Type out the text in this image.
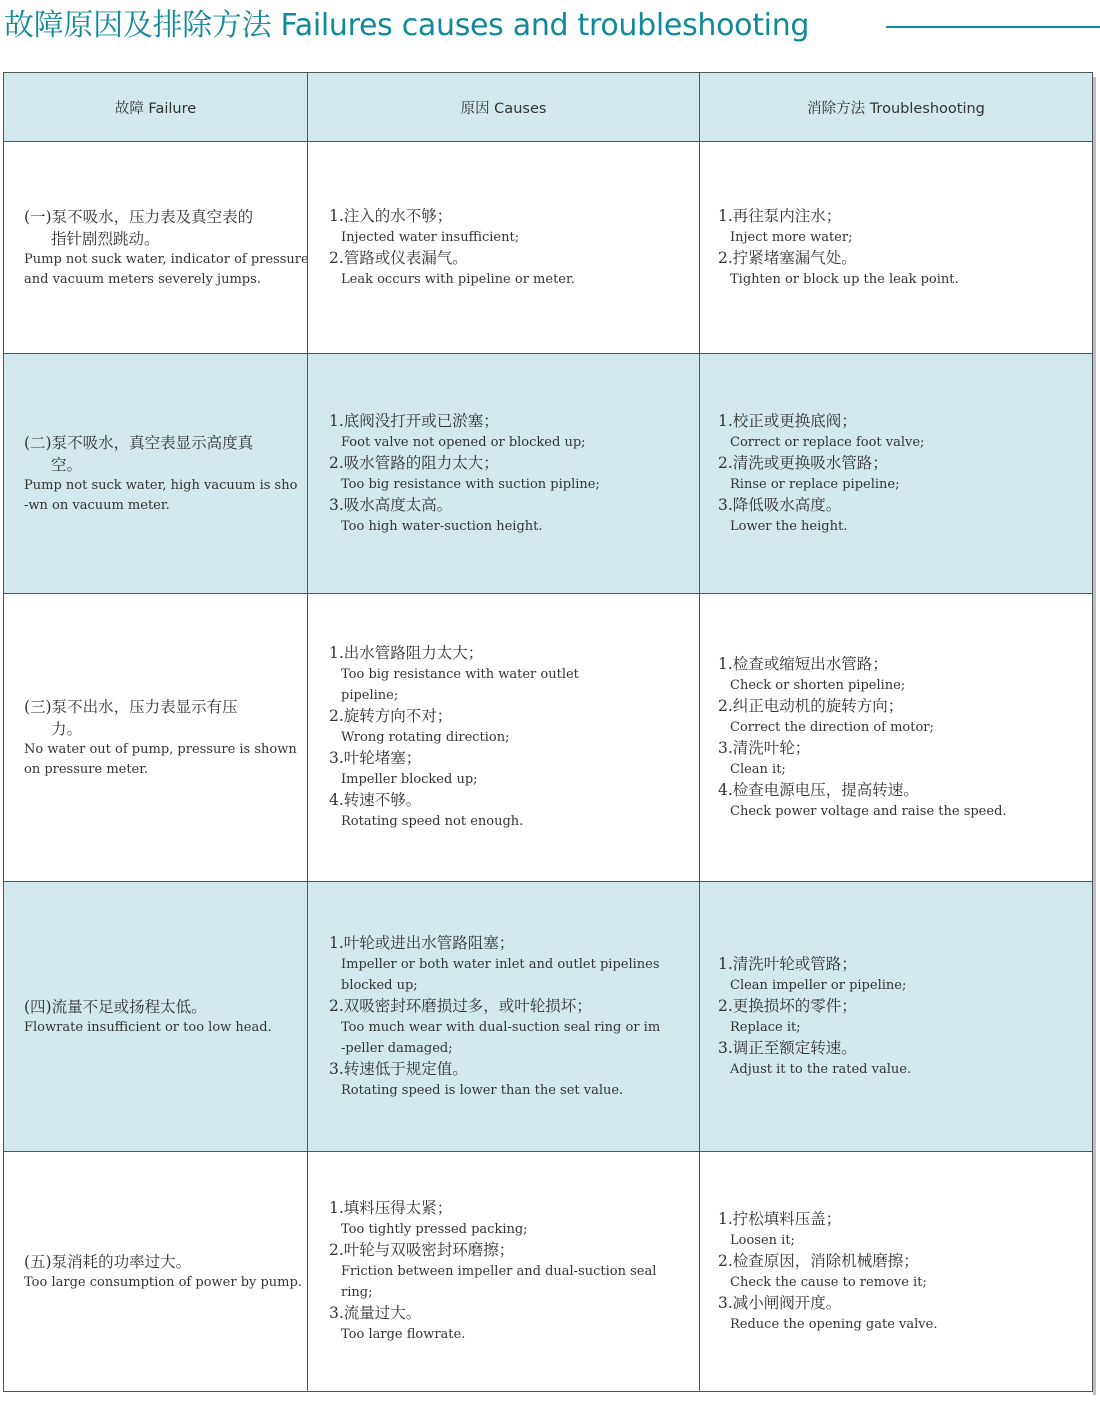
故障原因及排除方法 Failures causes and troubleshooting
故障 Failure	原因 Causes	消除方法 Troubleshooting
(一)泵不吸水，压力表及真空表的
指针剧烈跳动。
Pump not suck water, indicator of pressure
and vacuum meters severely jumps.
1.注入的水不够；
Injected water insufficient;
2.管路或仪表漏气。
Leak occurs with pipeline or meter.
1.再往泵内注水；
Inject more water;
2.拧紧堵塞漏气处。
Tighten or block up the leak point.
(二)泵不吸水，真空表显示高度真
空。
Pump not suck water, high vacuum is sho
-wn on vacuum meter.
1.底阀没打开或已淤塞；
Foot valve not opened or blocked up;
2.吸水管路的阻力太大；
Too big resistance with suction pipline;
3.吸水高度太高。
Too high water-suction height.
1.校正或更换底阀；
Correct or replace foot valve;
2.清洗或更换吸水管路；
Rinse or replace pipeline;
3.降低吸水高度。
Lower the height.
(三)泵不出水，压力表显示有压
力。
No water out of pump, pressure is shown
on pressure meter.
1.出水管路阻力太大；
Too big resistance with water outlet
pipeline;
2.旋转方向不对；
Wrong rotating direction;
3.叶轮堵塞；
Impeller blocked up;
4.转速不够。
Rotating speed not enough.
1.检查或缩短出水管路；
Check or shorten pipeline;
2.纠正电动机的旋转方向；
Correct the direction of motor;
3.清洗叶轮；
Clean it;
4.检查电源电压，提高转速。
Check power voltage and raise the speed.
(四)流量不足或扬程太低。
Flowrate insufficient or too low head.
1.叶轮或进出水管路阻塞；
Impeller or both water inlet and outlet pipelines
blocked up;
2.双吸密封环磨损过多，或叶轮损坏；
Too much wear with dual-suction seal ring or im
-peller damaged;
3.转速低于规定值。
Rotating speed is lower than the set value.
1.清洗叶轮或管路；
Clean impeller or pipeline;
2.更换损坏的零件；
Replace it;
3.调正至额定转速。
Adjust it to the rated value.
(五)泵消耗的功率过大。
Too large consumption of power by pump.
1.填料压得太紧；
Too tightly pressed packing;
2.叶轮与双吸密封环磨擦；
Friction between impeller and dual-suction seal
ring;
3.流量过大。
Too large flowrate.
1.拧松填料压盖；
Loosen it;
2.检查原因，消除机械磨擦；
Check the cause to remove it;
3.减小闸阀开度。
Reduce the opening gate valve.
